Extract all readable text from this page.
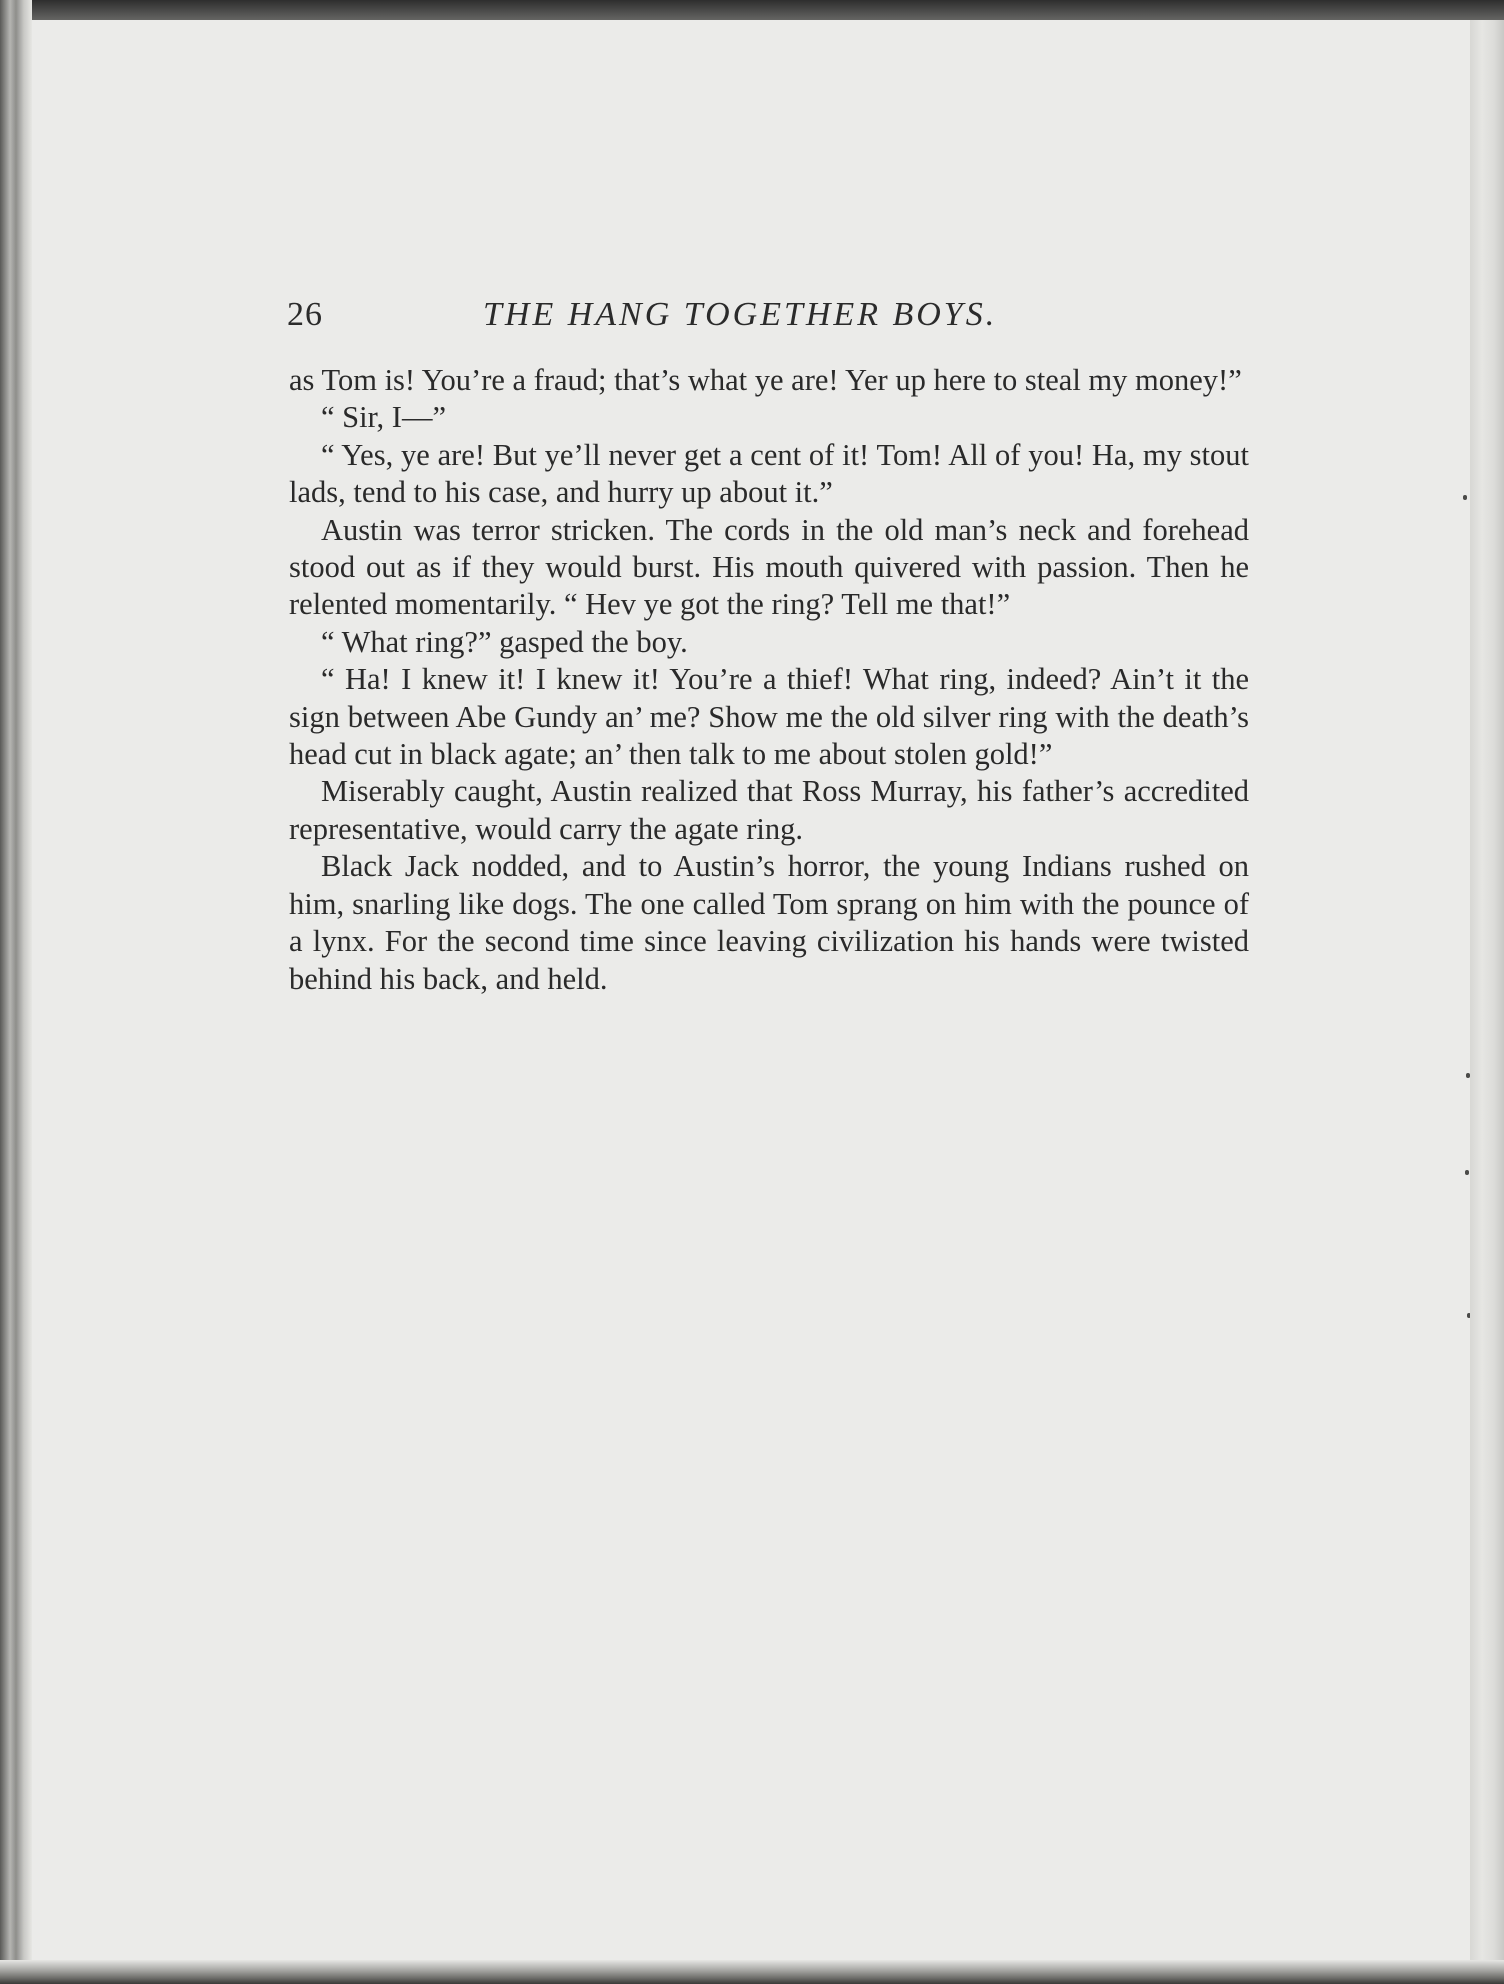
26	THE HANG TOGETHER BOYS.

as Tom is! You’re a fraud; that’s what ye are! Yer up here to steal my money!”

“ Sir, I—”

“ Yes, ye are! But ye’ll never get a cent of it! Tom! All of you! Ha, my stout lads, tend to his case, and hurry up about it.”

Austin was terror stricken. The cords in the old man’s neck and forehead stood out as if they would burst. His mouth quivered with passion. Then he relented momentarily. “ Hev ye got the ring? Tell me that!”

“ What ring?” gasped the boy.

“ Ha! I knew it! I knew it! You’re a thief! What ring, indeed? Ain’t it the sign between Abe Gundy an’ me? Show me the old silver ring with the death’s head cut in black agate; an’ then talk to me about stolen gold!”

Miserably caught, Austin realized that Ross Murray, his father’s accredited representative, would carry the agate ring.

Black Jack nodded, and to Austin’s horror, the young Indians rushed on him, snarling like dogs. The one called Tom sprang on him with the pounce of a lynx. For the second time since leaving civilization his hands were twisted behind his back, and held.
